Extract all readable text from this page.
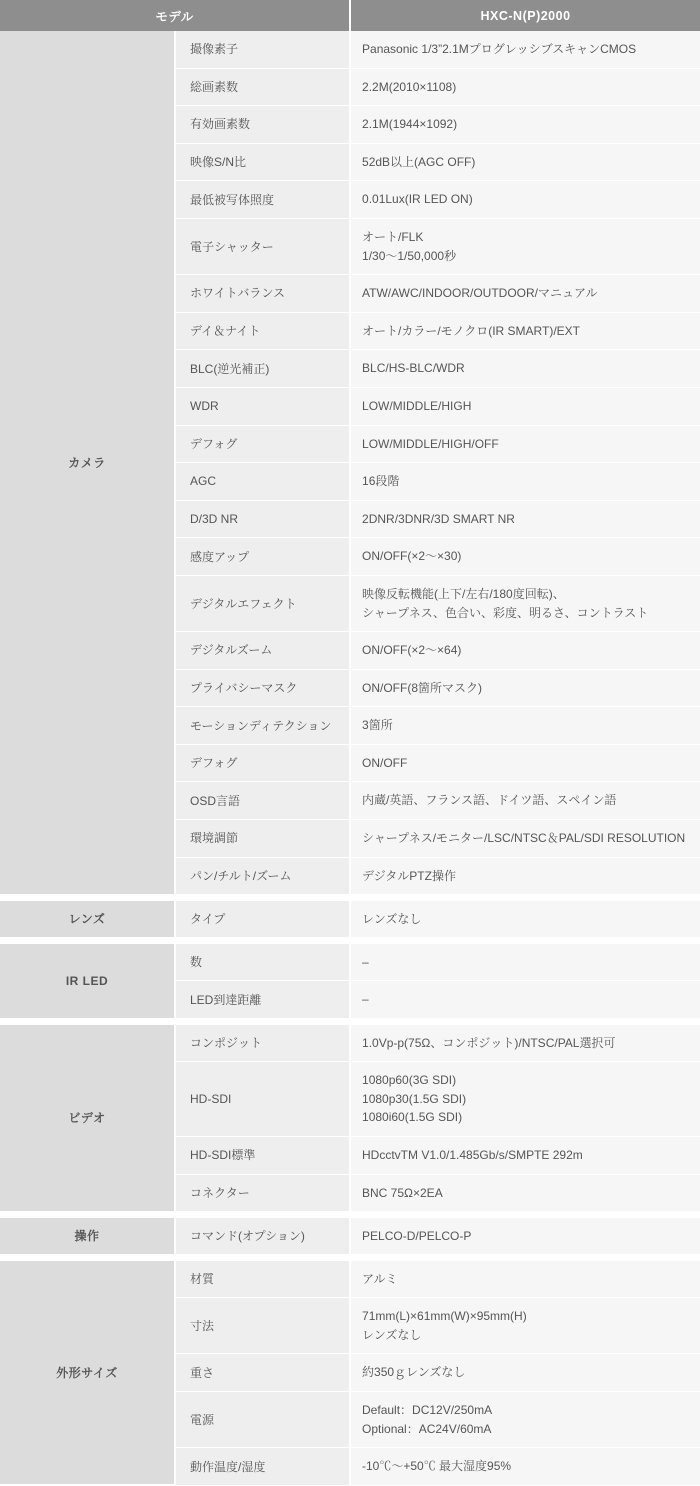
モデル		HXC-N(P)2000
カメラ	撮像素子	Panasonic 1/3”2.1MプログレッシブスキャンCMOS

	総画素数	2.2M(2010×1108)

	有効画素数	2.1M(1944×1092)

	映像S/N比	52dB以上(AGC OFF)

	最低被写体照度	0.01Lux(IR LED ON)

	電子シャッター	オート/FLK
1/30〜1/50,000秒

	ホワイトバランス	ATW/AWC/INDOOR/OUTDOOR/マニュアル

	デイ＆ナイト	オート/カラー/モノクロ(IR SMART)/EXT

	BLC(逆光補正)	BLC/HS-BLC/WDR

	WDR	LOW/MIDDLE/HIGH

	デフォグ	LOW/MIDDLE/HIGH/OFF

	AGC	16段階

	D/3D NR	2DNR/3DNR/3D SMART NR

	感度アップ	ON/OFF(×2〜×30)

	デジタルエフェクト	映像反転機能(上下/左右/180度回転)、
シャープネス、色合い、彩度、明るさ、コントラスト

	デジタルズーム	ON/OFF(×2〜×64)

	プライバシーマスク	ON/OFF(8箇所マスク)

	モーションディテクション	3箇所

	デフォグ	ON/OFF

	OSD言語	内蔵/英語、フランス語、ドイツ語、スペイン語

	環境調節	シャープネス/モニター/LSC/NTSC＆PAL/SDI RESOLUTION

	パン/チルト/ズーム	デジタルPTZ操作

レンズ	タイプ	レンズなし

IR LED	数	–

	LED到達距離	–

ビデオ	コンポジット	1.0Vp-p(75Ω、コンポジット)/NTSC/PAL選択可

	HD-SDI	1080p60(3G SDI)
1080p30(1.5G SDI)
1080i60(1.5G SDI)

	HD-SDI標準	HDcctvTM V1.0/1.485Gb/s/SMPTE 292m

	コネクター	BNC 75Ω×2EA

操作	コマンド(オプション)	PELCO-D/PELCO-P

外形サイズ	材質	アルミ

	寸法	71mm(L)×61mm(W)×95mm(H)
レンズなし

	重さ	約350ｇレンズなし

	電源	Default：DC12V/250mA
Optional：AC24V/60mA

	動作温度/湿度	-10℃〜+50℃ 最大湿度95%
